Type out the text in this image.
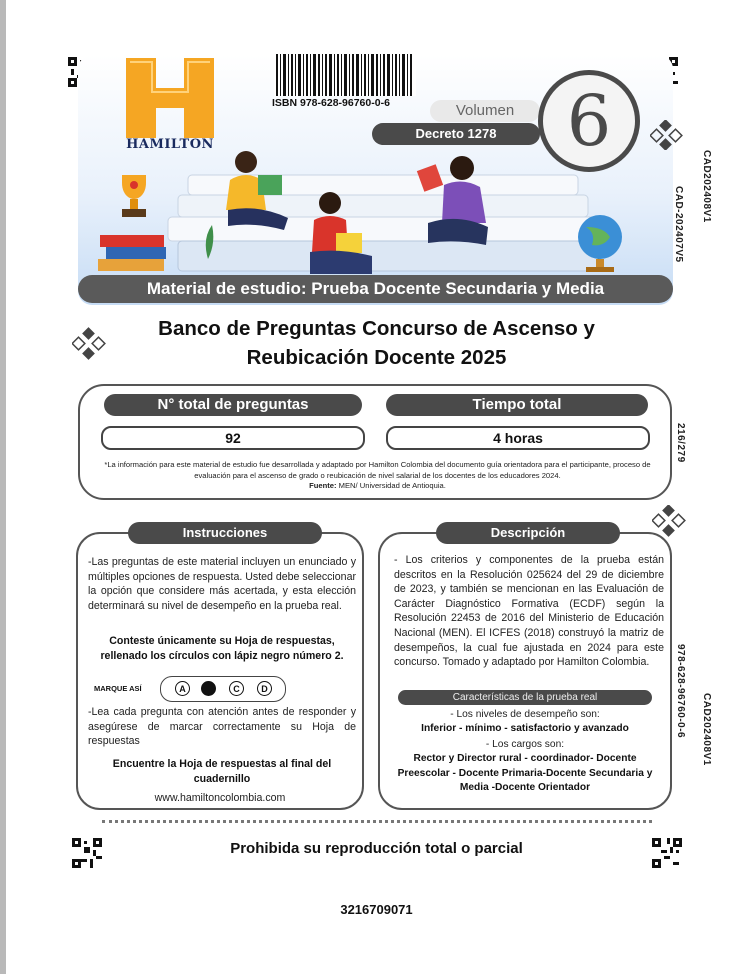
HAMILTON
ISBN 978-628-96760-0-6	Volumen
Decreto 1278	6
Material de estudio: Prueba Docente Secundaria y Media
CAD202408V1
CAD-202407V5
216/279
978-628-96760-0-6 CAD202408V1
Banco de Preguntas Concurso de Ascenso y
Reubicación Docente 2025
N° total de preguntas	Tiempo total
92	4 horas
*La información para este material de estudio fue desarrollada y adaptado por Hamilton Colombia del documento guía orientadora para el participante, proceso de evaluación para el ascenso de grado o reubicación de nivel salarial de los docentes de los educadores 2024.
Fuente: MEN/ Universidad de Antioquia.
Instrucciones
-Las preguntas de este material incluyen un enunciado y múltiples opciones de respuesta. Usted debe seleccionar la opción que considere más acertada, y esta elección determinará su nivel de desempeño en la prueba real.
Conteste únicamente su Hoja de respuestas, rellenado los círculos con lápiz negro número 2.
MARQUE ASÍ	A	C	D
-Lea cada pregunta con atención antes de responder y asegúrese de marcar correctamente su Hoja de respuestas
Encuentre la Hoja de respuestas al final del cuadernillo
www.hamiltoncolombia.com
Descripción
- Los criterios y componentes de la prueba están descritos en la Resolución 025624 del 29 de diciembre de 2023, y también se mencionan en las Evaluación de Carácter Diagnóstico Formativa (ECDF) según la Resolución 22453 de 2016 del Ministerio de Educación Nacional (MEN). El ICFES (2018) construyó la matriz de desempeños, la cual fue ajustada en 2024 para este concurso. Tomado y adaptado por Hamilton Colombia.
Características de la prueba real
- Los niveles de desempeño son:
Inferior - mínimo - satisfactorio y avanzado
- Los cargos son:
Rector y Director rural - coordinador- Docente Preescolar - Docente Primaria-Docente Secundaria y Media -Docente Orientador
Prohibida su reproducción total o parcial
3216709071
